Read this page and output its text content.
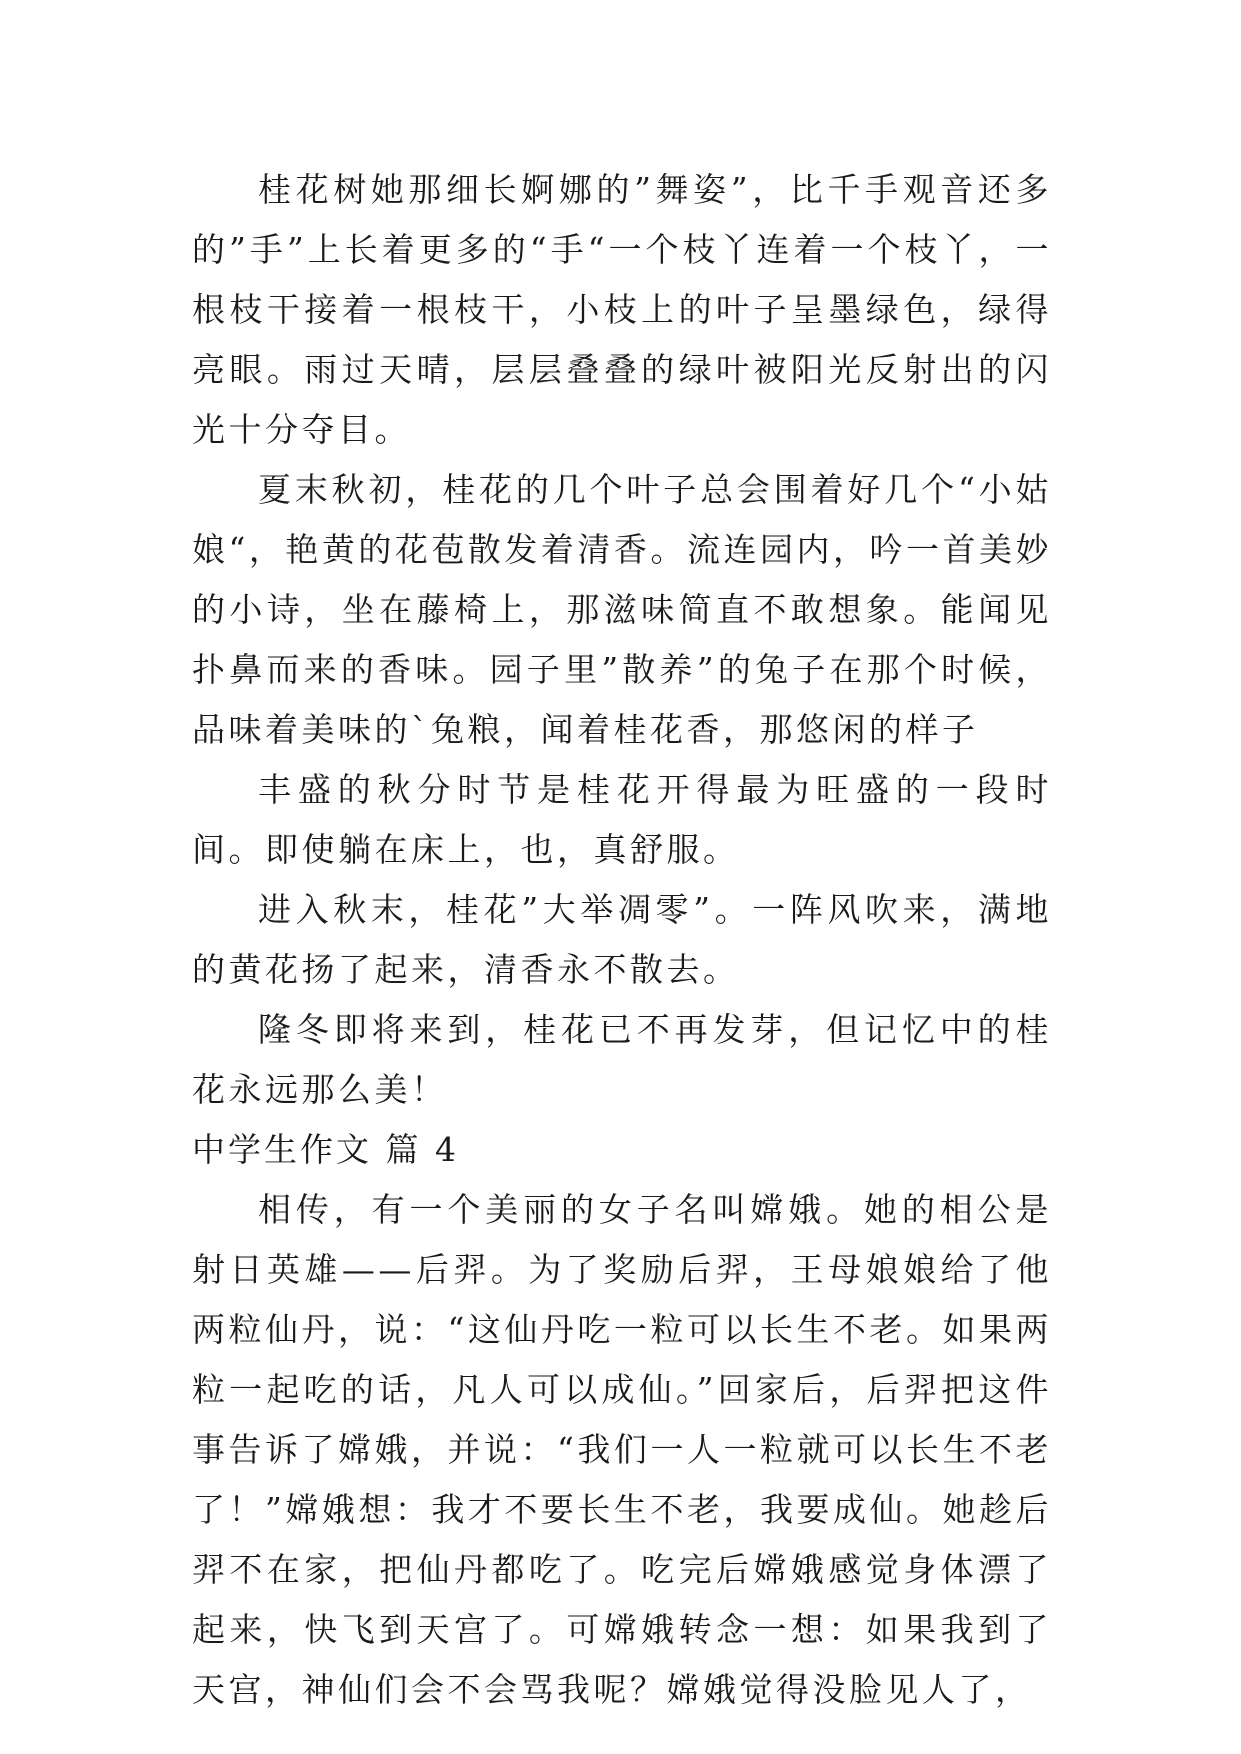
桂花树她那细长婀娜的”舞姿”，比千手观音还多的”手”上长着更多的“手“一个枝丫连着一个枝丫，一根枝干接着一根枝干，小枝上的叶子呈墨绿色，绿得亮眼。雨过天晴，层层叠叠的绿叶被阳光反射出的闪光十分夺目。

夏末秋初，桂花的几个叶子总会围着好几个“小姑娘“，艳黄的花苞散发着清香。流连园内，吟一首美妙的小诗，坐在藤椅上，那滋味简直不敢想象。能闻见扑鼻而来的香味。园子里”散养”的兔子在那个时候，品味着美味的`兔粮，闻着桂花香，那悠闲的样子

丰盛的秋分时节是桂花开得最为旺盛的一段时间。即使躺在床上，也，真舒服。

进入秋末，桂花”大举凋零”。一阵风吹来，满地的黄花扬了起来，清香永不散去。

隆冬即将来到，桂花已不再发芽，但记忆中的桂花永远那么美！

中学生作文 篇 4

相传，有一个美丽的女子名叫嫦娥。她的相公是射日英雄——后羿。为了奖励后羿，王母娘娘给了他两粒仙丹，说：“这仙丹吃一粒可以长生不老。如果两粒一起吃的话，凡人可以成仙。”回家后，后羿把这件事告诉了嫦娥，并说：“我们一人一粒就可以长生不老了！”嫦娥想：我才不要长生不老，我要成仙。她趁后羿不在家，把仙丹都吃了。吃完后嫦娥感觉身体漂了起来，快飞到天宫了。可嫦娥转念一想：如果我到了天宫，神仙们会不会骂我呢？嫦娥觉得没脸见人了，
